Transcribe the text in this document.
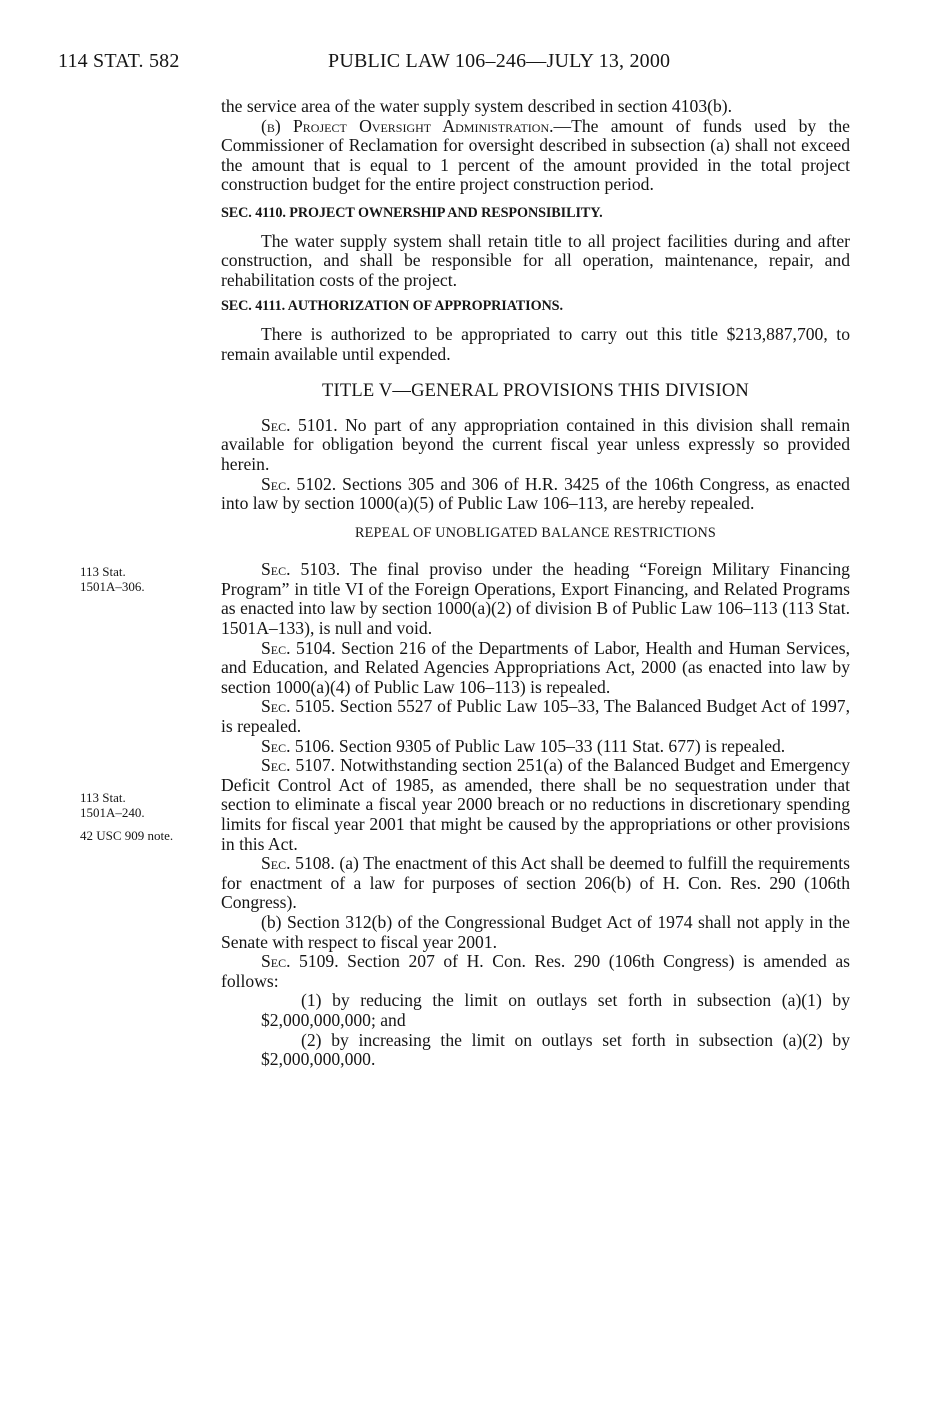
114 STAT. 582	PUBLIC LAW 106–246—JULY 13, 2000
113 Stat.
1501A–306.
113 Stat.
1501A–240.
42 USC 909 note.

the service area of the water supply system described in section 4103(b).

(b) Project Oversight Administration.—The amount of funds used by the Commissioner of Reclamation for oversight described in subsection (a) shall not exceed the amount that is equal to 1 percent of the amount provided in the total project construction budget for the entire project construction period.

SEC. 4110. PROJECT OWNERSHIP AND RESPONSIBILITY.

The water supply system shall retain title to all project facilities during and after construction, and shall be responsible for all operation, maintenance, repair, and rehabilitation costs of the project.

SEC. 4111. AUTHORIZATION OF APPROPRIATIONS.

There is authorized to be appropriated to carry out this title $213,887,700, to remain available until expended.

TITLE V—GENERAL PROVISIONS THIS DIVISION

Sec. 5101. No part of any appropriation contained in this division shall remain available for obligation beyond the current fiscal year unless expressly so provided herein.

Sec. 5102. Sections 305 and 306 of H.R. 3425 of the 106th Congress, as enacted into law by section 1000(a)(5) of Public Law 106–113, are hereby repealed.

REPEAL OF UNOBLIGATED BALANCE RESTRICTIONS

Sec. 5103. The final proviso under the heading “Foreign Military Financing Program” in title VI of the Foreign Operations, Export Financing, and Related Programs as enacted into law by section 1000(a)(2) of division B of Public Law 106–113 (113 Stat. 1501A–133), is null and void.

Sec. 5104. Section 216 of the Departments of Labor, Health and Human Services, and Education, and Related Agencies Appropriations Act, 2000 (as enacted into law by section 1000(a)(4) of Public Law 106–113) is repealed.

Sec. 5105. Section 5527 of Public Law 105–33, The Balanced Budget Act of 1997, is repealed.

Sec. 5106. Section 9305 of Public Law 105–33 (111 Stat. 677) is repealed.

Sec. 5107. Notwithstanding section 251(a) of the Balanced Budget and Emergency Deficit Control Act of 1985, as amended, there shall be no sequestration under that section to eliminate a fiscal year 2000 breach or no reductions in discretionary spending limits for fiscal year 2001 that might be caused by the appropriations or other provisions in this Act.

Sec. 5108. (a) The enactment of this Act shall be deemed to fulfill the requirements for enactment of a law for purposes of section 206(b) of H. Con. Res. 290 (106th Congress).

(b) Section 312(b) of the Congressional Budget Act of 1974 shall not apply in the Senate with respect to fiscal year 2001.

Sec. 5109. Section 207 of H. Con. Res. 290 (106th Congress) is amended as follows:

(1) by reducing the limit on outlays set forth in subsection (a)(1) by $2,000,000,000; and

(2) by increasing the limit on outlays set forth in subsection (a)(2) by $2,000,000,000.
